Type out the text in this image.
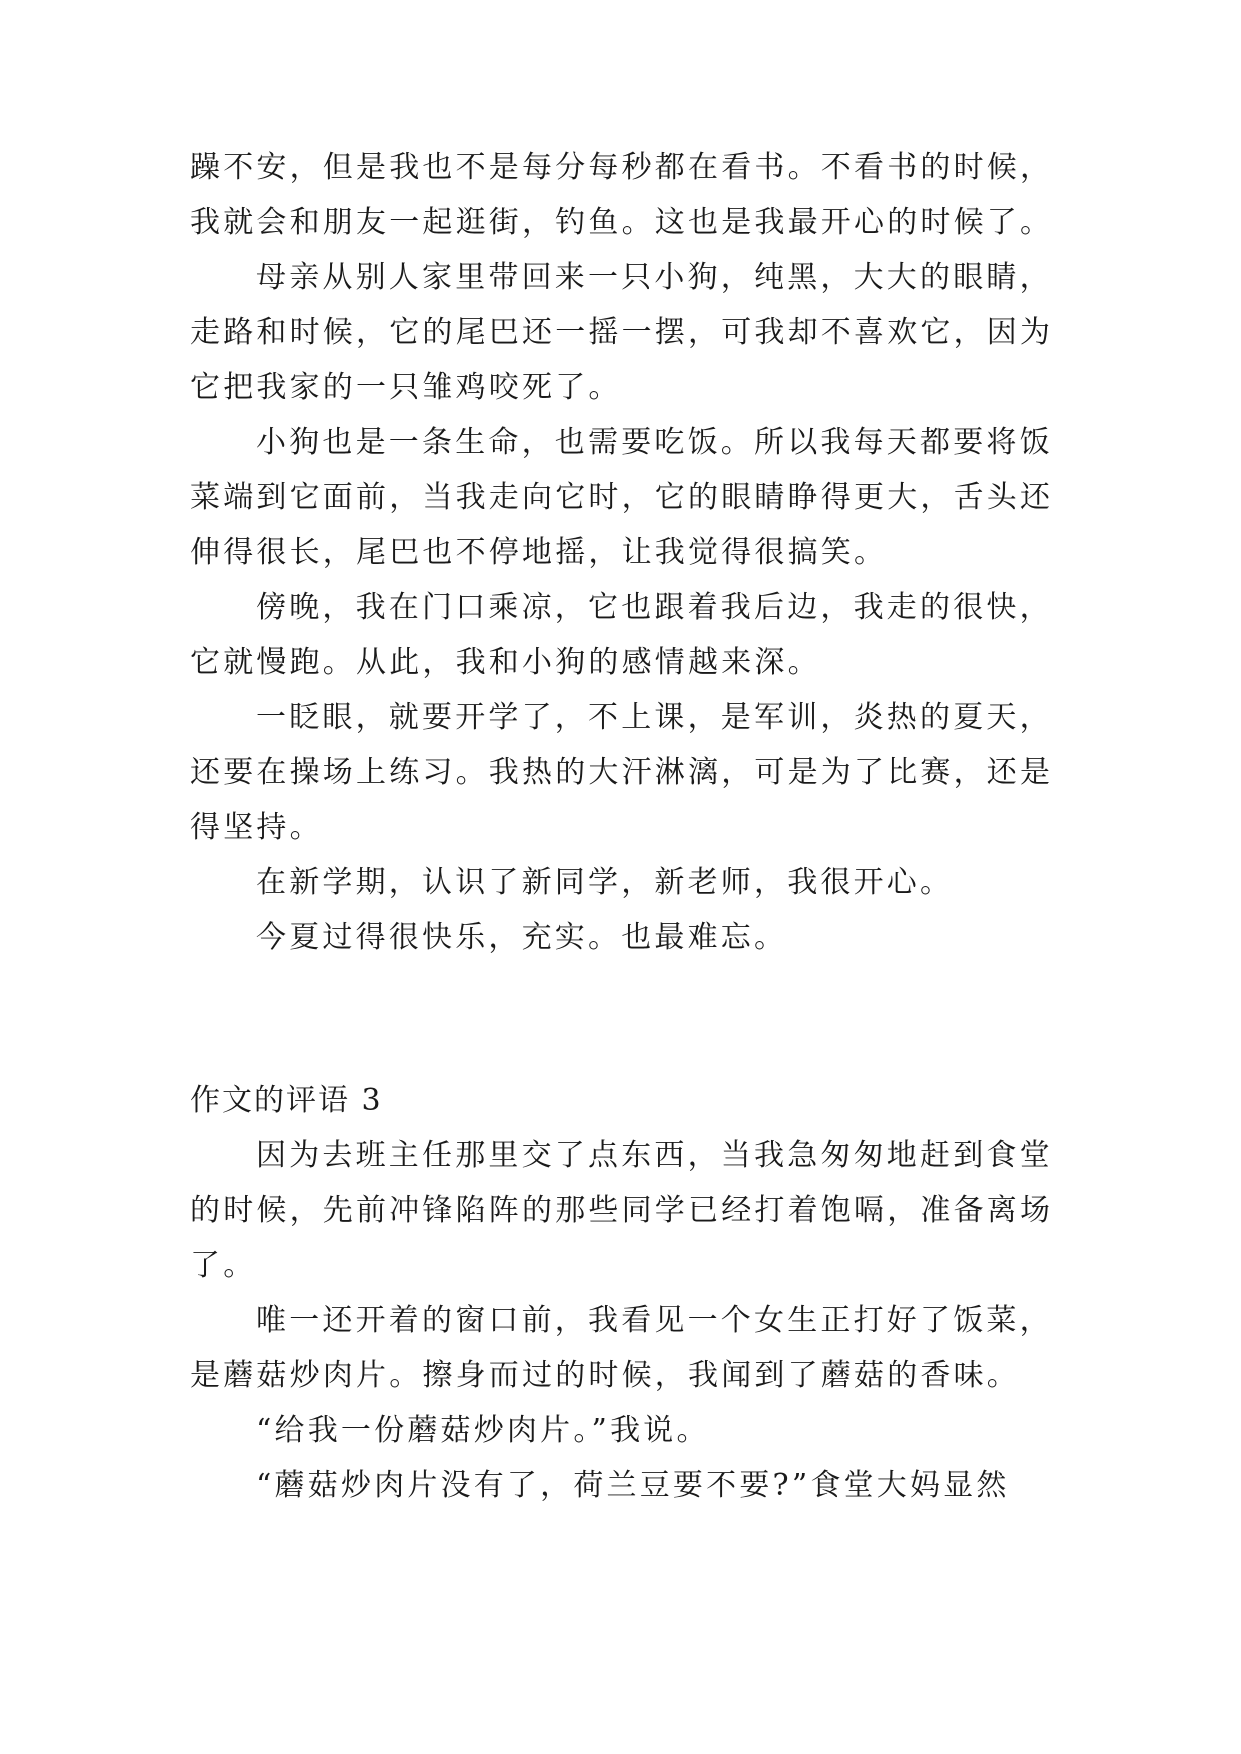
躁不安，但是我也不是每分每秒都在看书。不看书的时候，
我就会和朋友一起逛街，钓鱼。这也是我最开心的时候了。
母亲从别人家里带回来一只小狗，纯黑，大大的眼睛，
走路和时候，它的尾巴还一摇一摆，可我却不喜欢它，因为
它把我家的一只雏鸡咬死了。
小狗也是一条生命，也需要吃饭。所以我每天都要将饭
菜端到它面前，当我走向它时，它的眼睛睁得更大，舌头还
伸得很长，尾巴也不停地摇，让我觉得很搞笑。
傍晚，我在门口乘凉，它也跟着我后边，我走的很快，
它就慢跑。从此，我和小狗的感情越来深。
一眨眼，就要开学了，不上课，是军训，炎热的夏天，
还要在操场上练习。我热的大汗淋漓，可是为了比赛，还是
得坚持。
在新学期，认识了新同学，新老师，我很开心。
今夏过得很快乐，充实。也最难忘。
作文的评语 3
因为去班主任那里交了点东西，当我急匆匆地赶到食堂
的时候，先前冲锋陷阵的那些同学已经打着饱嗝，准备离场
了。
唯一还开着的窗口前，我看见一个女生正打好了饭菜，
是蘑菇炒肉片。擦身而过的时候，我闻到了蘑菇的香味。
“给我一份蘑菇炒肉片。”我说。
“蘑菇炒肉片没有了，荷兰豆要不要?”食堂大妈显然
